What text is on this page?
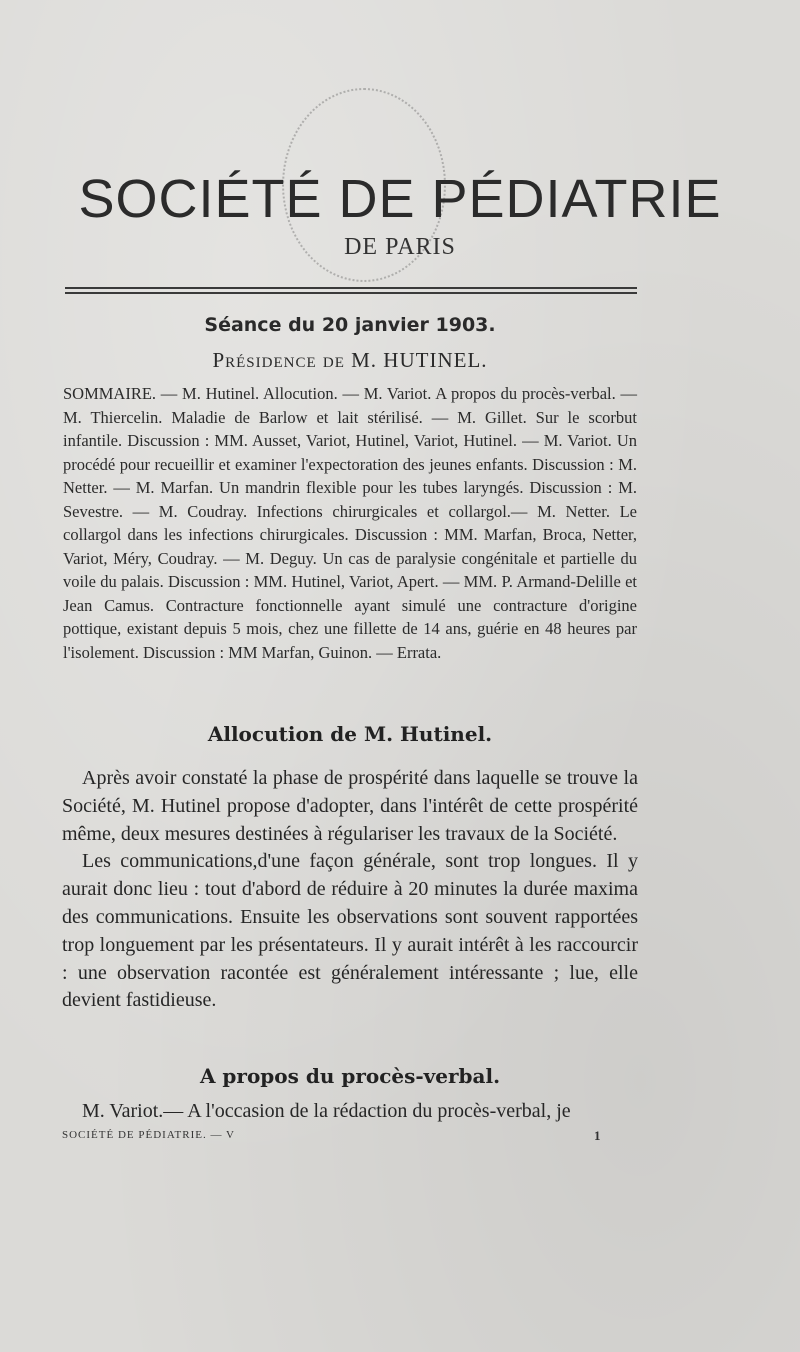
SOCIÉTÉ DE PÉDIATRIE
DE PARIS
Séance du 20 janvier 1903.
Présidence de M. HUTINEL.
SOMMAIRE. — M. Hutinel. Allocution. — M. Variot. A propos du procès-verbal. — M. Thiercelin. Maladie de Barlow et lait stérilisé. — M. Gillet. Sur le scorbut infantile. Discussion : MM. Ausset, Variot, Hutinel, Variot, Hutinel. — M. Variot. Un procédé pour recueillir et examiner l'expectoration des jeunes enfants. Discussion : M. Netter. — M. Marfan. Un mandrin flexible pour les tubes laryngés. Discussion : M. Sevestre. — M. Coudray. Infections chirurgicales et collargol.— M. Netter. Le collargol dans les infections chirurgicales. Discussion : MM. Marfan, Broca, Netter, Variot, Méry, Coudray. — M. Deguy. Un cas de paralysie congénitale et partielle du voile du palais. Discussion : MM. Hutinel, Variot, Apert. — MM. P. Armand-Delille et Jean Camus. Contracture fonctionnelle ayant simulé une contracture d'origine pottique, existant depuis 5 mois, chez une fillette de 14 ans, guérie en 48 heures par l'isolement. Discussion : MM Marfan, Guinon. — Errata.
Allocution de M. Hutinel.

Après avoir constaté la phase de prospérité dans laquelle se trouve la Société, M. Hutinel propose d'adopter, dans l'intérêt de cette prospérité même, deux mesures destinées à régulariser les travaux de la Société.

Les communications,d'une façon générale, sont trop longues. Il y aurait donc lieu : tout d'abord de réduire à 20 minutes la durée maxima des communications. Ensuite les observations sont souvent rapportées trop longuement par les présentateurs. Il y aurait intérêt à les raccourcir : une observation racontée est généralement intéressante ; lue, elle devient fastidieuse.

A propos du procès-verbal.

M. Variot.— A l'occasion de la rédaction du procès-verbal, je

SOCIÉTÉ DE PÉDIATRIE. — V	1
